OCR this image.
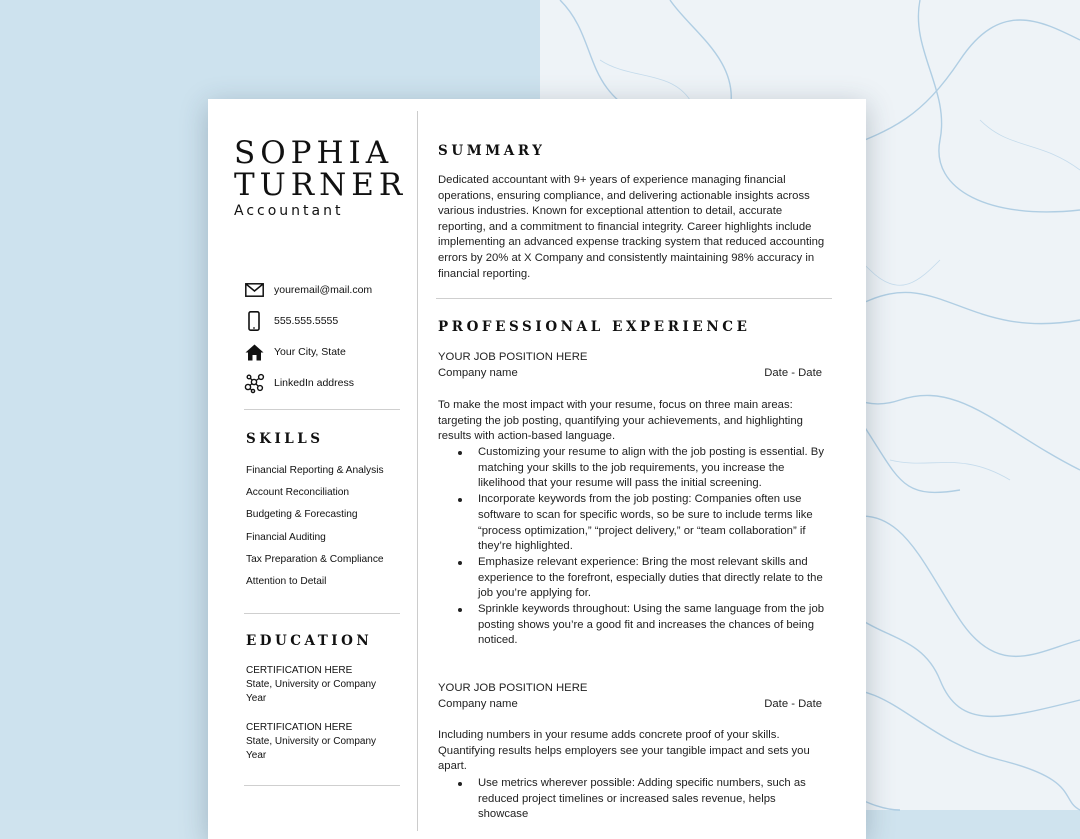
SOPHIA
TURNER
Accountant
youremail@mail.com
555.555.5555
Your City, State
LinkedIn address
SKILLS
Financial Reporting & Analysis
Account Reconciliation
Budgeting & Forecasting
Financial Auditing
Tax Preparation & Compliance
Attention to Detail
EDUCATION
CERTIFICATION HERE
State, University or Company
Year
CERTIFICATION HERE
State, University or Company
Year
SUMMARY
Dedicated accountant with 9+ years of experience managing financial operations, ensuring compliance, and delivering actionable insights across various industries. Known for exceptional attention to detail, accurate reporting, and a commitment to financial integrity. Career highlights include implementing an advanced expense tracking system that reduced accounting errors by 20% at X Company and consistently maintaining 98% accuracy in financial reporting.
PROFESSIONAL EXPERIENCE
YOUR JOB POSITION HERE
Company name	Date - Date
To make the most impact with your resume, focus on three main areas: targeting the job posting, quantifying your achievements, and highlighting results with action-based language.
Customizing your resume to align with the job posting is essential. By matching your skills to the job requirements, you increase the likelihood that your resume will pass the initial screening.
Incorporate keywords from the job posting: Companies often use software to scan for specific words, so be sure to include terms like “process optimization,” “project delivery,” or “team collaboration” if they’re highlighted.
Emphasize relevant experience: Bring the most relevant skills and experience to the forefront, especially duties that directly relate to the job you’re applying for.
Sprinkle keywords throughout: Using the same language from the job posting shows you’re a good fit and increases the chances of being noticed.
YOUR JOB POSITION HERE
Company name	Date - Date
Including numbers in your resume adds concrete proof of your skills. Quantifying results helps employers see your tangible impact and sets you apart.
Use metrics wherever possible: Adding specific numbers, such as reduced project timelines or increased sales revenue, helps showcase
